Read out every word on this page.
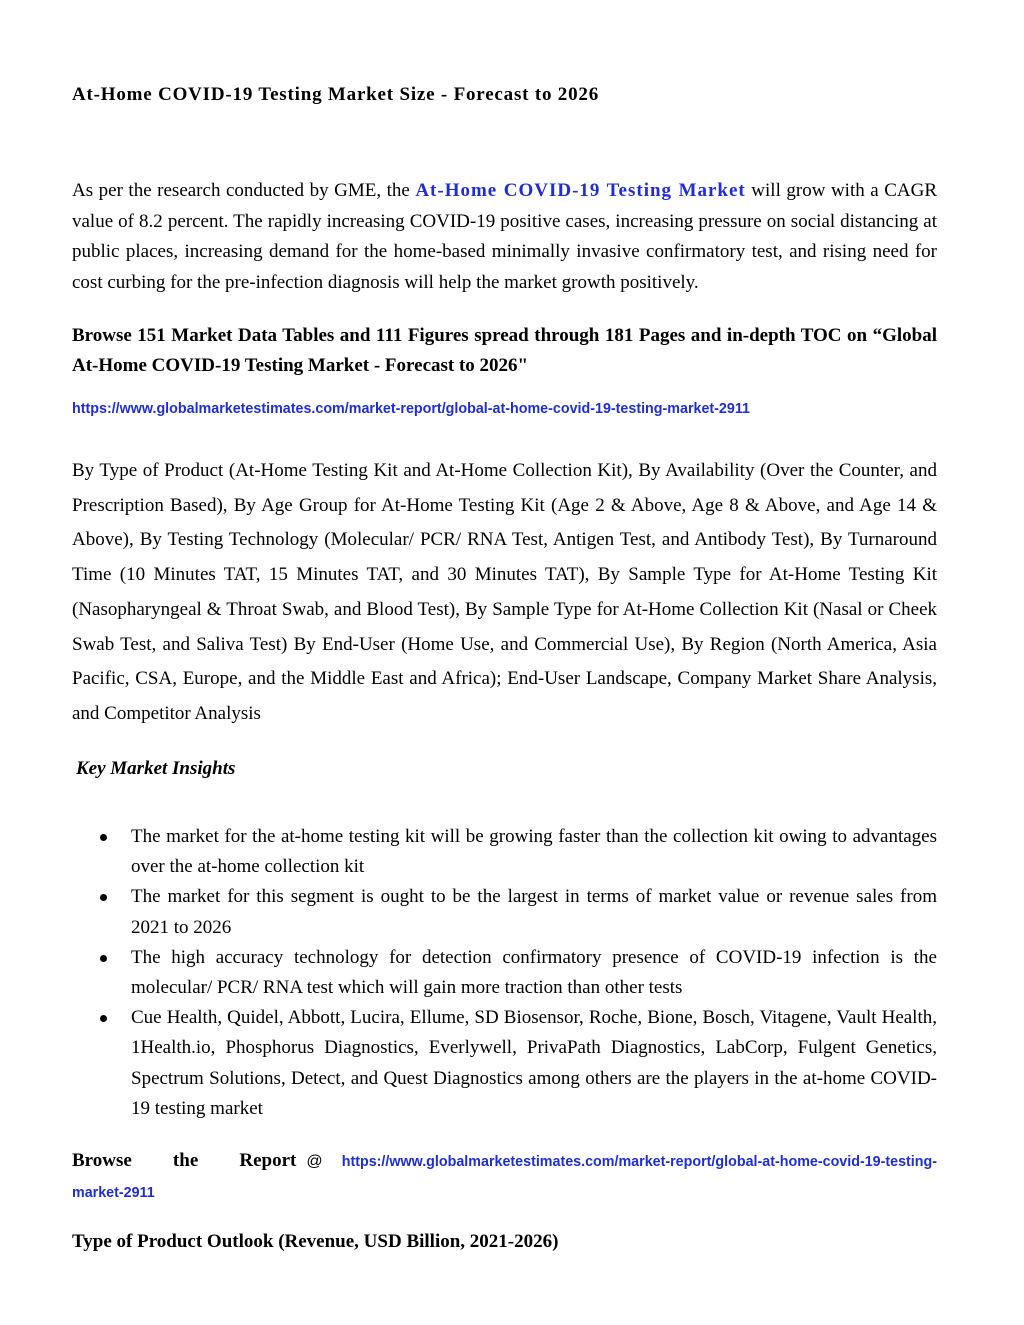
At-Home COVID-19 Testing Market Size - Forecast to 2026

As per the research conducted by GME, the At-Home COVID-19 Testing Market will grow with a CAGR value of 8.2 percent. The rapidly increasing COVID-19 positive cases, increasing pressure on social distancing at public places, increasing demand for the home-based minimally invasive confirmatory test, and rising need for cost curbing for the pre-infection diagnosis will help the market growth positively.

Browse 151 Market Data Tables and 111 Figures spread through 181 Pages and in-depth TOC on “Global At-Home COVID-19 Testing Market - Forecast to 2026"

https://www.globalmarketestimates.com/market-report/global-at-home-covid-19-testing-market-2911

By Type of Product (At-Home Testing Kit and At-Home Collection Kit), By Availability (Over the Counter, and Prescription Based), By Age Group for At-Home Testing Kit (Age 2 & Above, Age 8 & Above, and Age 14 & Above), By Testing Technology (Molecular/ PCR/ RNA Test, Antigen Test, and Antibody Test), By Turnaround Time (10 Minutes TAT, 15 Minutes TAT, and 30 Minutes TAT), By Sample Type for At-Home Testing Kit (Nasopharyngeal & Throat Swab, and Blood Test), By Sample Type for At-Home Collection Kit (Nasal or Cheek Swab Test, and Saliva Test) By End-User (Home Use, and Commercial Use), By Region (North America, Asia Pacific, CSA, Europe, and the Middle East and Africa); End-User Landscape, Company Market Share Analysis, and Competitor Analysis

Key Market Insights
The market for the at-home testing kit will be growing faster than the collection kit owing to advantages over the at-home collection kit
The market for this segment is ought to be the largest in terms of market value or revenue sales from 2021 to 2026
The high accuracy technology for detection confirmatory presence of COVID-19 infection is the molecular/ PCR/ RNA test which will gain more traction than other tests
Cue Health, Quidel, Abbott, Lucira, Ellume, SD Biosensor, Roche, Bione, Bosch, Vitagene, Vault Health, 1Health.io, Phosphorus Diagnostics, Everlywell, PrivaPath Diagnostics, LabCorp, Fulgent Genetics, Spectrum Solutions, Detect, and Quest Diagnostics among others are the players in the at-home COVID-19 testing market

Browse the Report @ https://www.globalmarketestimates.com/market-report/global-at-home-covid-19-testing-market-2911

Type of Product Outlook (Revenue, USD Billion, 2021-2026)
